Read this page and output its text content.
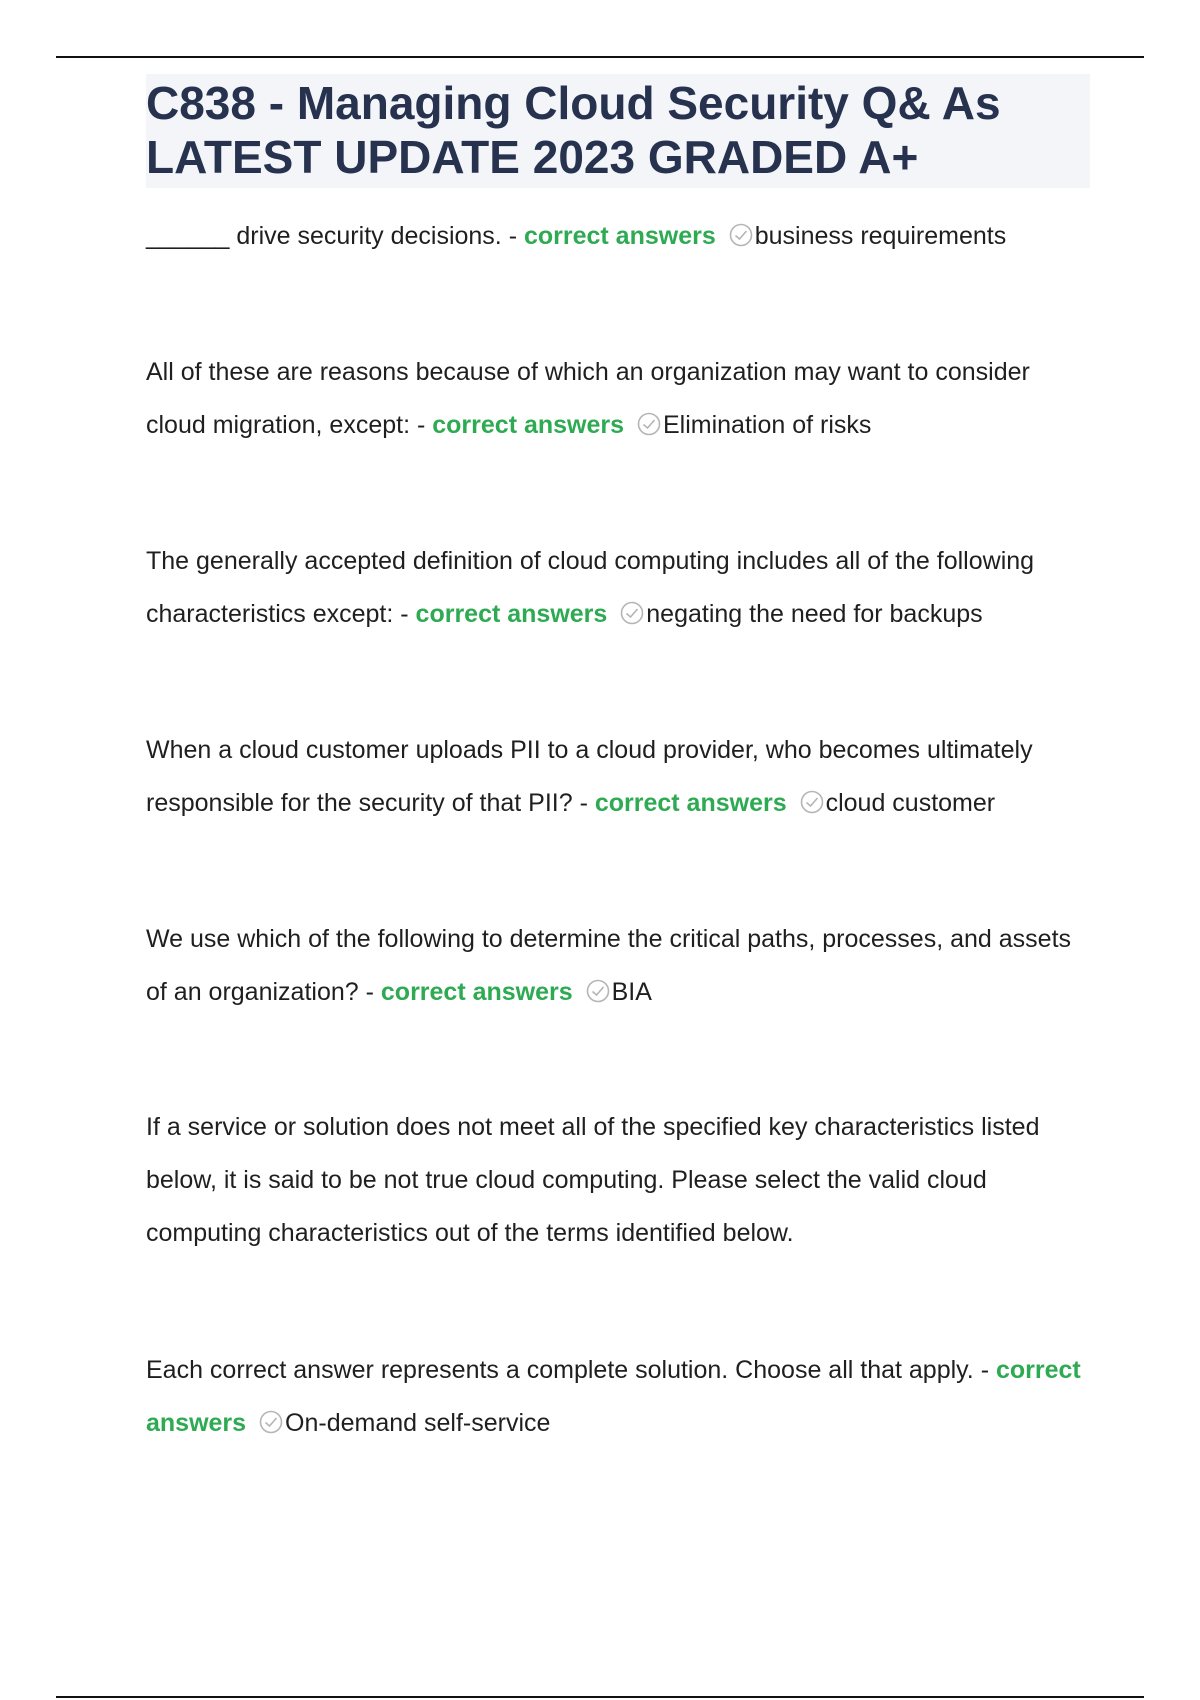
C838 - Managing Cloud Security Q& As LATEST UPDATE 2023 GRADED A+

______ drive security decisions. - correct answers business requirements

All of these are reasons because of which an organization may want to consider cloud migration, except: - correct answers Elimination of risks

The generally accepted definition of cloud computing includes all of the following characteristics except: - correct answers negating the need for backups

When a cloud customer uploads PII to a cloud provider, who becomes ultimately responsible for the security of that PII? - correct answers cloud customer

We use which of the following to determine the critical paths, processes, and assets of an organization? - correct answers BIA

If a service or solution does not meet all of the specified key characteristics listed below, it is said to be not true cloud computing. Please select the valid cloud computing characteristics out of the terms identified below.

Each correct answer represents a complete solution. Choose all that apply. - correct answers On-demand self-service
